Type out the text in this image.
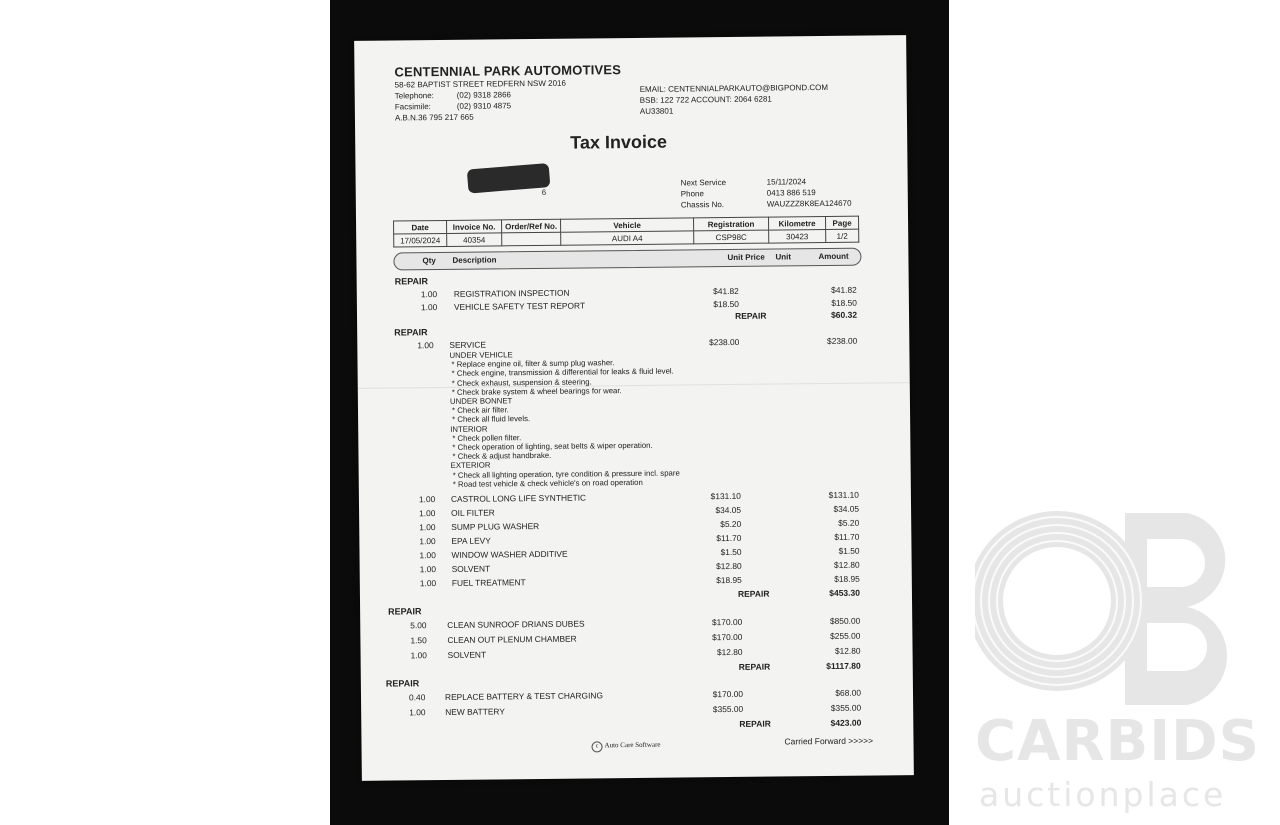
CENTENNIAL PARK AUTOMOTIVES
58-62 BAPTIST STREET REDFERN NSW 2016
Telephone:	(02) 9318 2866
Facsimile:	(02) 9310 4875
A.B.N.36 795 217 665
EMAIL: CENTENNIALPARKAUTO@BIGPOND.COM
BSB: 122 722 ACCOUNT: 2064 6281
AU33801
Tax Invoice
6
Next Service	15/11/2024
Phone	0413 886 519
Chassis No.	WAUZZZ8K8EA124670
Date	Invoice No.	Order/Ref No.	Vehicle	Registration	Kilometre	Page
17/05/2024	40354		AUDI A4	CSP98C	30423	1/2
Qty Description	Unit Price Unit	Amount
REPAIR
1.00 REGISTRATION INSPECTION	$41.82	$41.82
1.00 VEHICLE SAFETY TEST REPORT	$18.50	$18.50
REPAIR	$60.32
REPAIR
1.00 SERVICE	$238.00	$238.00
UNDER VEHICLE
* Replace engine oil, filter & sump plug washer.
* Check engine, transmission & differential for leaks & fluid level.
* Check exhaust, suspension & steering.
* Check brake system & wheel bearings for wear.
UNDER BONNET
* Check air filter.
* Check all fluid levels.
INTERIOR
* Check pollen filter.
* Check operation of lighting, seat belts & wiper operation.
* Check & adjust handbrake.
EXTERIOR
* Check all lighting operation, tyre condition & pressure incl. spare
* Road test vehicle & check vehicle's on road operation
1.00 CASTROL LONG LIFE SYNTHETIC	$131.10	$131.10
1.00 OIL FILTER	$34.05	$34.05
1.00 SUMP PLUG WASHER	$5.20	$5.20
1.00 EPA LEVY	$11.70	$11.70
1.00 WINDOW WASHER ADDITIVE	$1.50	$1.50
1.00 SOLVENT	$12.80	$12.80
1.00 FUEL TREATMENT	$18.95	$18.95
REPAIR	$453.30
REPAIR
5.00 CLEAN SUNROOF DRIANS DUBES	$170.00	$850.00
1.50 CLEAN OUT PLENUM CHAMBER	$170.00	$255.00
1.00 SOLVENT	$12.80	$12.80
REPAIR	$1117.80
REPAIR
0.40 REPLACE BATTERY & TEST CHARGING	$170.00	$68.00
1.00 NEW BATTERY	$355.00	$355.00
REPAIR	$423.00
c Auto Care Software	Carried Forward >>>>> CARBIDS
auctionplace
